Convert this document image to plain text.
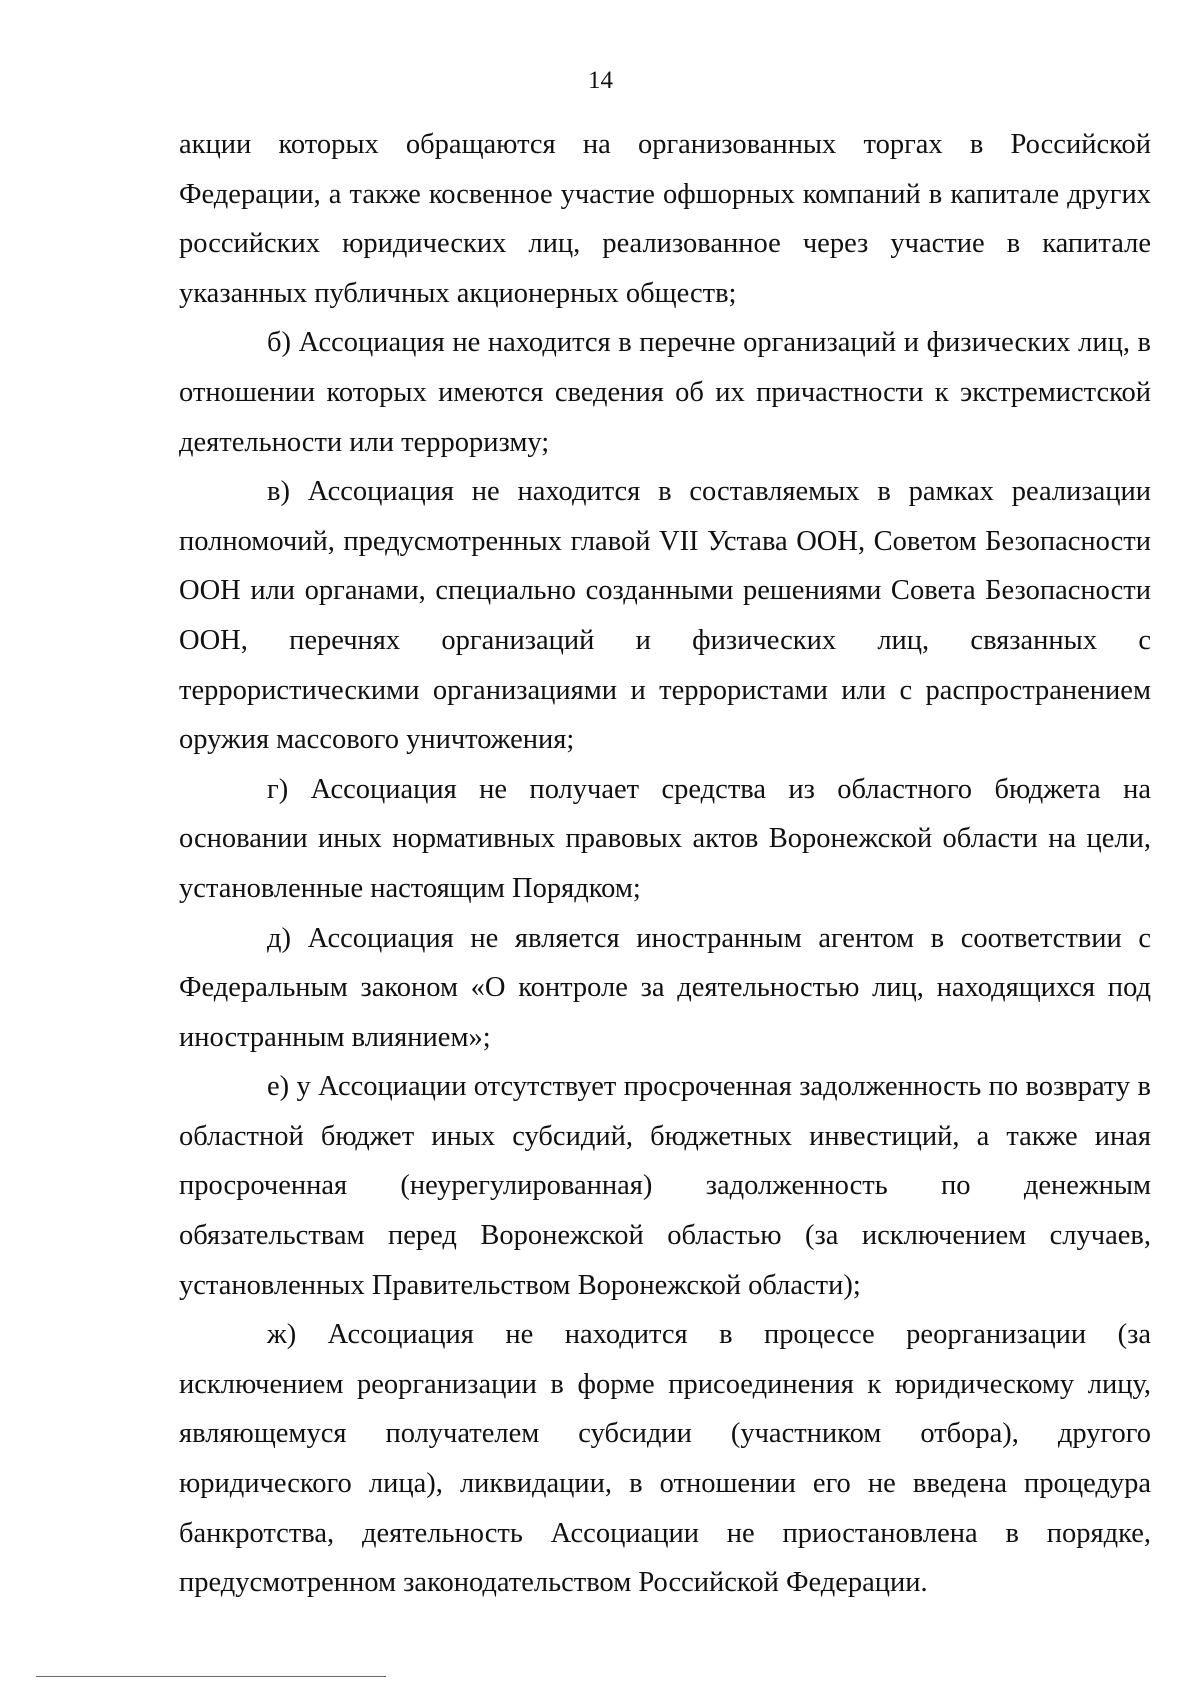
14

акции которых обращаются на организованных торгах в Российской Федерации, а также косвенное участие офшорных компаний в капитале других российских юридических лиц, реализованное через участие в капитале указанных публичных акционерных обществ;

б) Ассоциация не находится в перечне организаций и физических лиц, в отношении которых имеются сведения об их причастности к экстремистской деятельности или терроризму;

в) Ассоциация не находится в составляемых в рамках реализации полномочий, предусмотренных главой VII Устава ООН, Советом Безопасности ООН или органами, специально созданными решениями Совета Безопасности ООН, перечнях организаций и физических лиц, связанных с террористическими организациями и террористами или с распространением оружия массового уничтожения;

г) Ассоциация не получает средства из областного бюджета на основании иных нормативных правовых актов Воронежской области на цели, установленные настоящим Порядком;

д) Ассоциация не является иностранным агентом в соответствии с Федеральным законом «О контроле за деятельностью лиц, находящихся под иностранным влиянием»;

е) у Ассоциации отсутствует просроченная задолженность по возврату в областной бюджет иных субсидий, бюджетных инвестиций, а также иная просроченная (неурегулированная) задолженность по денежным обязательствам перед Воронежской областью (за исключением случаев, установленных Правительством Воронежской области);

ж) Ассоциация не находится в процессе реорганизации (за исключением реорганизации в форме присоединения к юридическому лицу, являющемуся получателем субсидии (участником отбора), другого юридического лица), ликвидации, в отношении его не введена процедура банкротства, деятельность Ассоциации не приостановлена в порядке, предусмотренном законодательством Российской Федерации.
